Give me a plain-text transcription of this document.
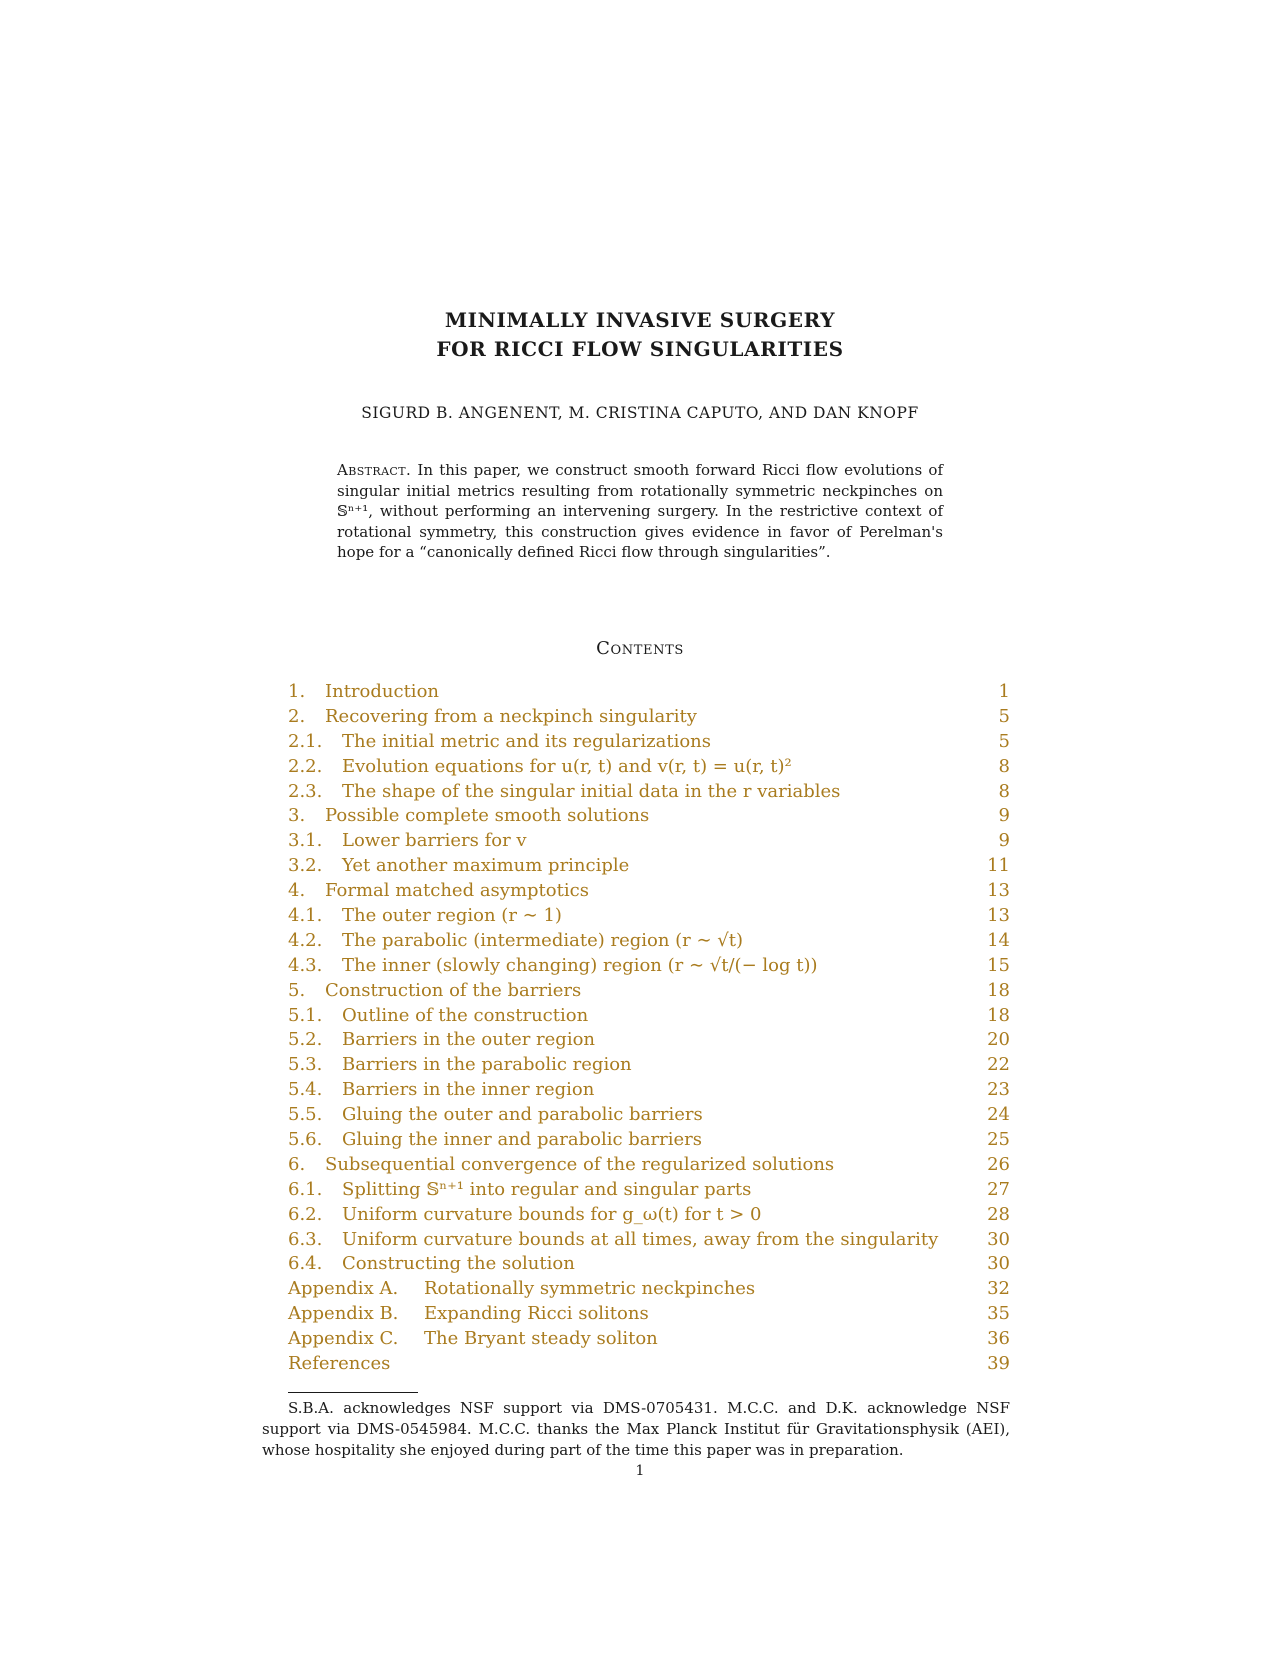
MINIMALLY INVASIVE SURGERY
FOR RICCI FLOW SINGULARITIES
SIGURD B. ANGENENT, M. CRISTINA CAPUTO, AND DAN KNOPF
Abstract. In this paper, we construct smooth forward Ricci flow evolutions of singular initial metrics resulting from rotationally symmetric neckpinches on 𝕊ⁿ⁺¹, without performing an intervening surgery. In the restrictive context of rotational symmetry, this construction gives evidence in favor of Perelman's hope for a “canonically defined Ricci flow through singularities”.
Contents
1. Introduction	1
2. Recovering from a neckpinch singularity	5
2.1. The initial metric and its regularizations	5
2.2. Evolution equations for u(r, t) and v(r, t) = u(r, t)²	8
2.3. The shape of the singular initial data in the r variables	8
3. Possible complete smooth solutions	9
3.1. Lower barriers for v	9
3.2. Yet another maximum principle	11
4. Formal matched asymptotics	13
4.1. The outer region (r ∼ 1)	13
4.2. The parabolic (intermediate) region (r ∼ √t)	14
4.3. The inner (slowly changing) region (r ∼ √t/(− log t))	15
5. Construction of the barriers	18
5.1. Outline of the construction	18
5.2. Barriers in the outer region	20
5.3. Barriers in the parabolic region	22
5.4. Barriers in the inner region	23
5.5. Gluing the outer and parabolic barriers	24
5.6. Gluing the inner and parabolic barriers	25
6. Subsequential convergence of the regularized solutions	26
6.1. Splitting 𝕊ⁿ⁺¹ into regular and singular parts	27
6.2. Uniform curvature bounds for g_ω(t) for t > 0	28
6.3. Uniform curvature bounds at all times, away from the singularity	30
6.4. Constructing the solution	30
Appendix A. Rotationally symmetric neckpinches	32
Appendix B. Expanding Ricci solitons	35
Appendix C. The Bryant steady soliton	36
References	39
S.B.A. acknowledges NSF support via DMS-0705431. M.C.C. and D.K. acknowledge NSF support via DMS-0545984. M.C.C. thanks the Max Planck Institut für Gravitationsphysik (AEI), whose hospitality she enjoyed during part of the time this paper was in preparation.
1
